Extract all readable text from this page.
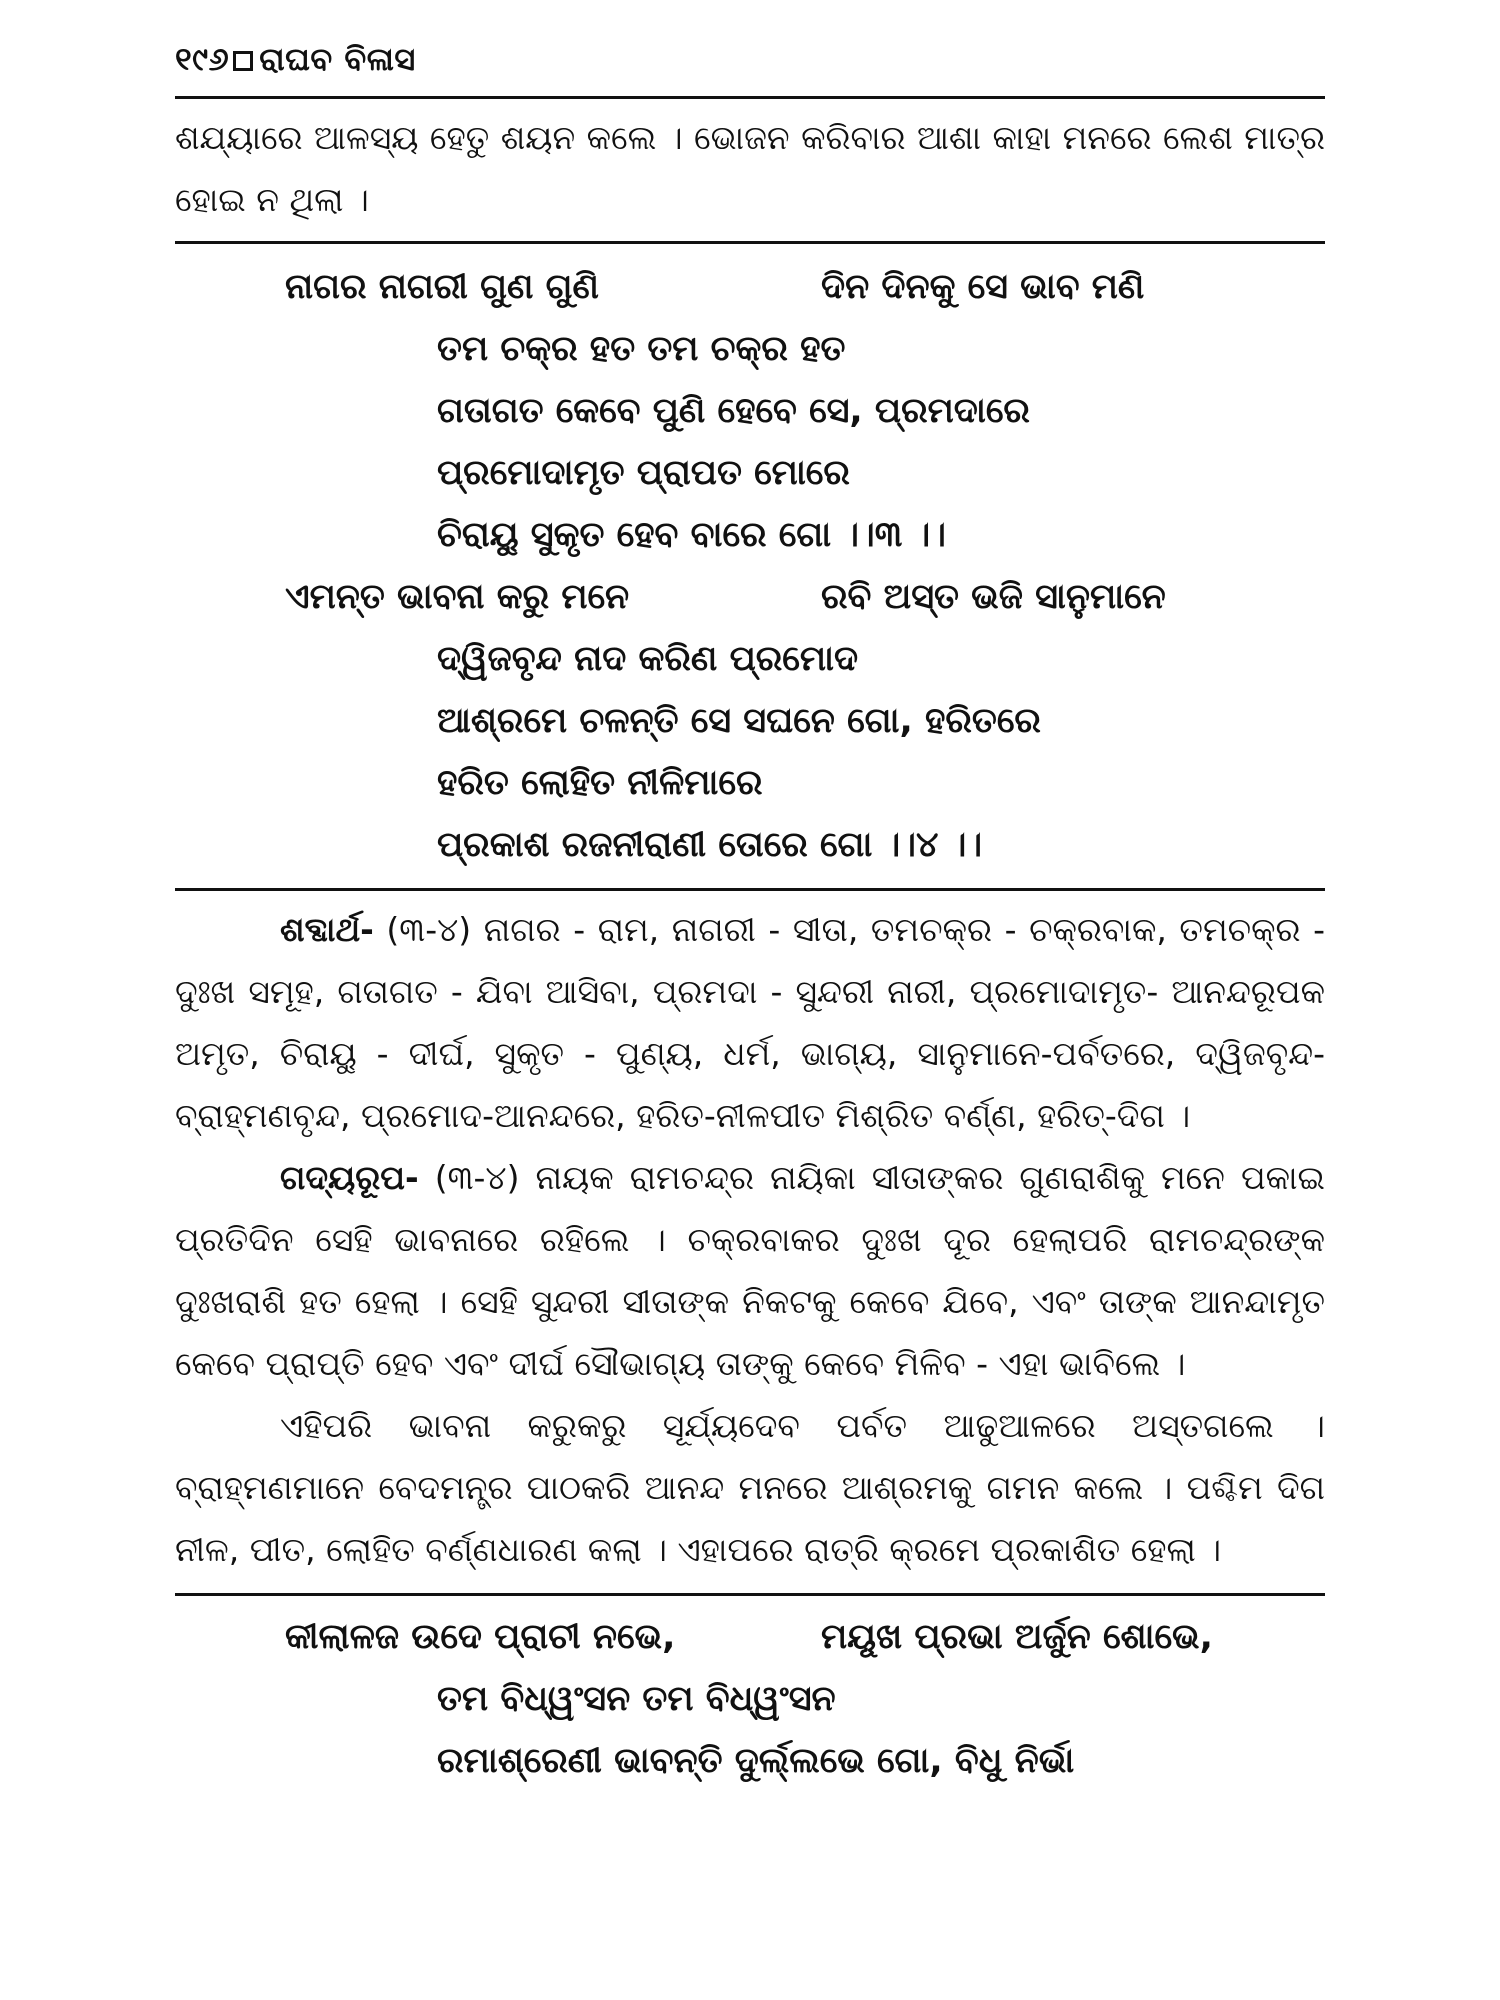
୧୯୬ ରାଘବ ବିଳାସ

ଶଯ୍ୟାରେ ଆଳସ୍ୟ ହେତୁ ଶୟନ କଲେ । ଭୋଜନ କରିବାର ଆଶା କାହା ମନରେ ଲେଶ ମାତ୍ର ହୋଇ ନ ଥିଲା ।

ନାଗର ନାଗରୀ ଗୁଣ ଗୁଣି	ଦିନ ଦିନକୁ ସେ ଭାବ ମଣି
ତମ ଚକ୍ର ହତ ତମ ଚକ୍ର ହତ
ଗତାଗତ କେବେ ପୁଣି ହେବେ ସେ, ପ୍ରମଦାରେ
ପ୍ରମୋଦାମୃତ ପ୍ରାପତ ମୋରେ
ଚିରାୟୁ ସୁକୃତ ହେବ ବାରେ ଗୋ ।।୩ ।।
ଏମନ୍ତ ଭାବନା କରୁ ମନେ	ରବି ଅସ୍ତ ଭଜି ସାନୁମାନେ
ଦ୍ୱିଜବୃନ୍ଦ ନାଦ କରିଣ ପ୍ରମୋଦ
ଆଶ୍ରମେ ଚଳନ୍ତି ସେ ସଘନେ ଗୋ, ହରିତରେ
ହରିତ ଲୋହିତ ନୀଳିମାରେ
ପ୍ରକାଶ ରଜନୀରାଣୀ ତୋରେ ଗୋ ।।୪ ।।

ଶବ୍ଦାର୍ଥ- (୩-୪) ନାଗର - ରାମ, ନାଗରୀ - ସୀତା, ତମଚକ୍ର - ଚକ୍ରବାକ, ତମଚକ୍ର - ଦୁଃଖ ସମୂହ, ଗତାଗତ - ଯିବା ଆସିବା, ପ୍ରମଦା - ସୁନ୍ଦରୀ ନାରୀ, ପ୍ରମୋଦାମୃତ- ଆନନ୍ଦରୂପକ ଅମୃତ, ଚିରାୟୁ - ଦୀର୍ଘ, ସୁକୃତ - ପୁଣ୍ୟ, ଧର୍ମ, ଭାଗ୍ୟ, ସାନୁମାନେ-ପର୍ବତରେ, ଦ୍ୱିଜବୃନ୍ଦ-ବ୍ରାହ୍ମଣବୃନ୍ଦ, ପ୍ରମୋଦ-ଆନନ୍ଦରେ, ହରିତ-ନୀଳପୀତ ମିଶ୍ରିତ ବର୍ଣ୍ଣ, ହରିତ୍-ଦିଗ ।

ଗଦ୍ୟରୂପ- (୩-୪) ନାୟକ ରାମଚନ୍ଦ୍ର ନାୟିକା ସୀତାଙ୍କର ଗୁଣରାଶିକୁ ମନେ ପକାଇ ପ୍ରତିଦିନ ସେହି ଭାବନାରେ ରହିଲେ । ଚକ୍ରବାକର ଦୁଃଖ ଦୂର ହେଲାପରି ରାମଚନ୍ଦ୍ରଙ୍କ ଦୁଃଖରାଶି ହତ ହେଲା । ସେହି ସୁନ୍ଦରୀ ସୀତାଙ୍କ ନିକଟକୁ କେବେ ଯିବେ, ଏବଂ ତାଙ୍କ ଆନନ୍ଦାମୃତ କେବେ ପ୍ରାପ୍ତି ହେବ ଏବଂ ଦୀର୍ଘ ସୌଭାଗ୍ୟ ତାଙ୍କୁ କେବେ ମିଳିବ - ଏହା ଭାବିଲେ ।

ଏହିପରି ଭାବନା କରୁକରୁ ସୂର୍ଯ୍ୟଦେବ ପର୍ବତ ଆଢୁଆଳରେ ଅସ୍ତଗଲେ । ବ୍ରାହ୍ମଣମାନେ ବେଦମନ୍ତ୍ର ପାଠକରି ଆନନ୍ଦ ମନରେ ଆଶ୍ରମକୁ ଗମନ କଲେ । ପଶ୍ଚିମ ଦିଗ ନୀଳ, ପୀତ, ଲୋହିତ ବର୍ଣ୍ଣଧାରଣ କଲା । ଏହାପରେ ରାତ୍ରି କ୍ରମେ ପ୍ରକାଶିତ ହେଲା ।

କୀଲାଳଜ ଉଦେ ପ୍ରାଚୀ ନଭେ,	ମୟୂଖ ପ୍ରଭା ଅର୍ଜୁନ ଶୋଭେ,
ତମ ବିଧ୍ୱଂସନ ତମ ବିଧ୍ୱଂସନ
ରମାଶ୍ରେଣୀ ଭାବନ୍ତି ଦୁର୍ଲ୍ଲଭେ ଗୋ, ବିଧୁ ନିର୍ଭା
